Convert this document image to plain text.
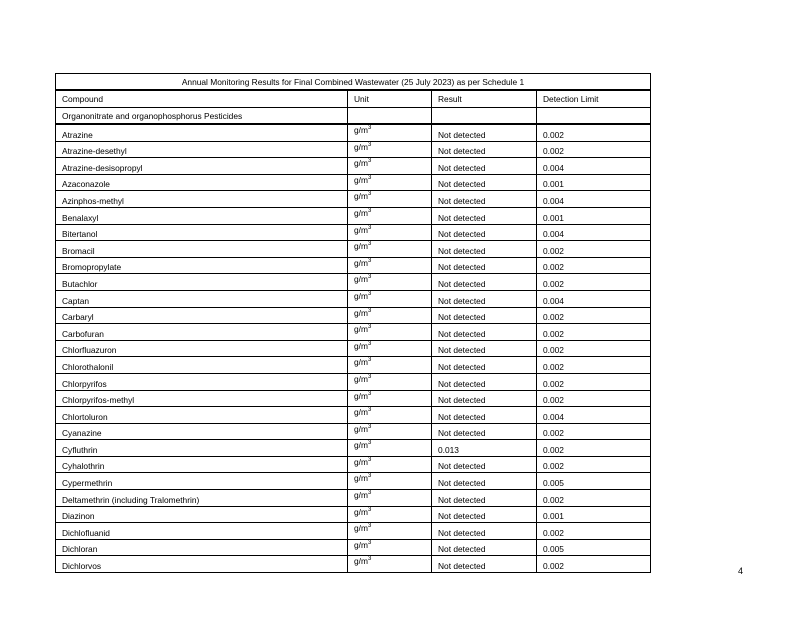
Annual Monitoring Results for Final Combined Wastewater (25 July 2023) as per Schedule 1			
Compound	Unit	Result	Detection Limit
Organonitrate and organophosphorus Pesticides			
Atrazine	$g/m^3$	Not detected	0.002
Atrazine-desethyl	$g/m^3$	Not detected	0.002
Atrazine-desisopropyl	$g/m^3$	Not detected	0.004
Azaconazole	$g/m^3$	Not detected	0.001
Azinphos-methyl	$g/m^3$	Not detected	0.004
Benalaxyl	$g/m^3$	Not detected	0.001
Bitertanol	$g/m^3$	Not detected	0.004
Bromacil	$g/m^3$	Not detected	0.002
Bromopropylate	$g/m^3$	Not detected	0.002
Butachlor	$g/m^3$	Not detected	0.002
Captan	$g/m^3$	Not detected	0.004
Carbaryl	$g/m^3$	Not detected	0.002
Carbofuran	$g/m^3$	Not detected	0.002
Chlorfluazuron	$g/m^3$	Not detected	0.002
Chlorothalonil	$g/m^3$	Not detected	0.002
Chlorpyrifos	$g/m^3$	Not detected	0.002
Chlorpyrifos-methyl	$g/m^3$	Not detected	0.002
Chlortoluron	$g/m^3$	Not detected	0.004
Cyanazine	$g/m^3$	Not detected	0.002
Cyfluthrin	$g/m^3$	0.013	0.002
Cyhalothrin	$g/m^3$	Not detected	0.002
Cypermethrin	$g/m^3$	Not detected	0.005
Deltamethrin (including Tralomethrin)	$g/m^3$	Not detected	0.002
Diazinon	$g/m^3$	Not detected	0.001
Dichlofluanid	$g/m^3$	Not detected	0.002
Dichloran	$g/m^3$	Not detected	0.005
Dichlorvos	$g/m^3$	Not detected	0.002	4
